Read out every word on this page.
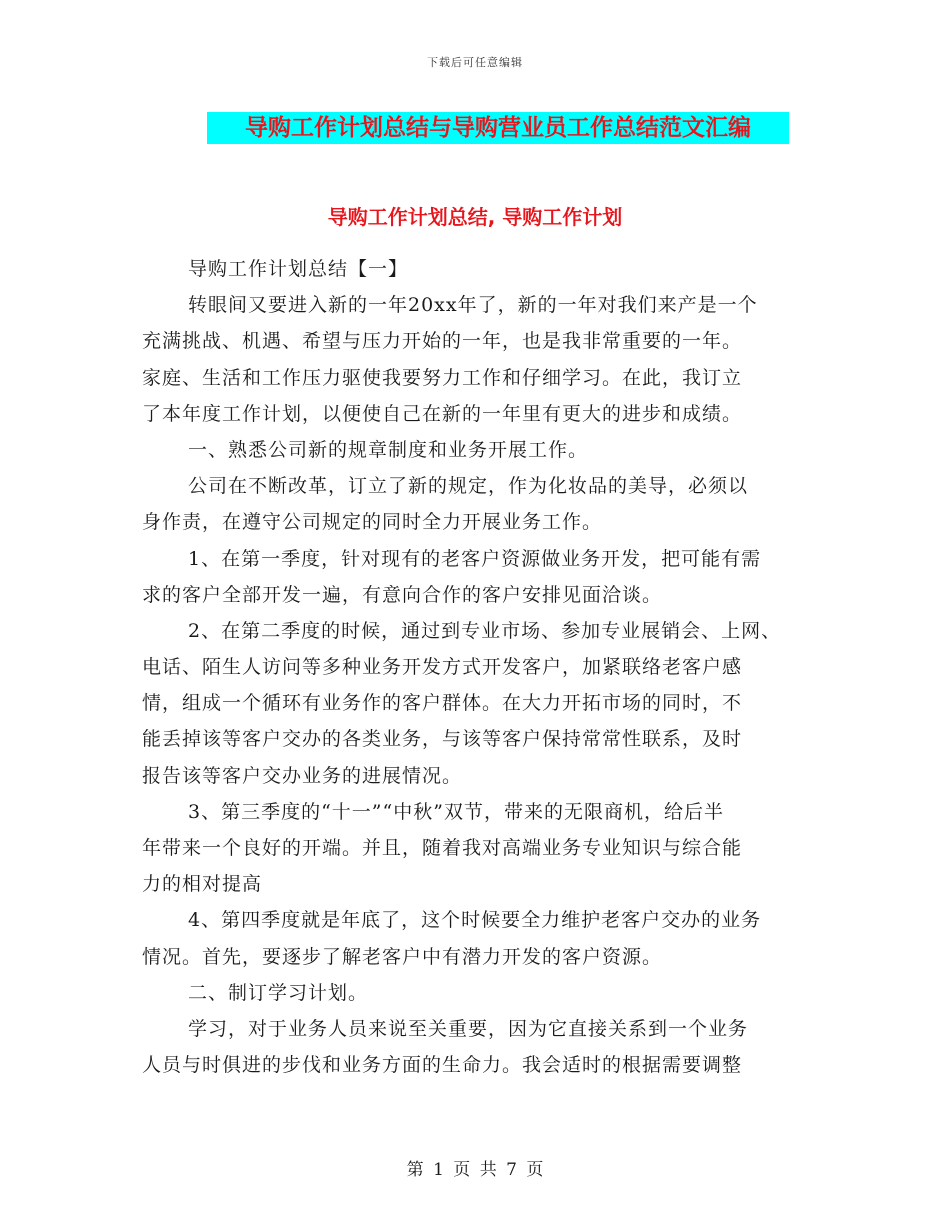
下载后可任意编辑
导购工作计划总结与导购营业员工作总结范文汇编
导购工作计划总结, 导购工作计划
导购工作计划总结【一】
转眼间又要进入新的一年20xx年了，新的一年对我们来产是一个
充满挑战、机遇、希望与压力开始的一年，也是我非常重要的一年。
家庭、生活和工作压力驱使我要努力工作和仔细学习。在此，我订立
了本年度工作计划，以便使自己在新的一年里有更大的进步和成绩。
一、熟悉公司新的规章制度和业务开展工作。
公司在不断改革，订立了新的规定，作为化妆品的美导，必须以
身作责，在遵守公司规定的同时全力开展业务工作。
1、在第一季度，针对现有的老客户资源做业务开发，把可能有需
求的客户全部开发一遍，有意向合作的客户安排见面洽谈。
2、在第二季度的时候，通过到专业市场、参加专业展销会、上网、
电话、陌生人访问等多种业务开发方式开发客户，加紧联络老客户感
情，组成一个循环有业务作的客户群体。在大力开拓市场的同时，不
能丢掉该等客户交办的各类业务，与该等客户保持常常性联系，及时
报告该等客户交办业务的进展情况。
3、第三季度的“十一”“中秋”双节，带来的无限商机，给后半
年带来一个良好的开端。并且，随着我对高端业务专业知识与综合能
力的相对提高
4、第四季度就是年底了，这个时候要全力维护老客户交办的业务
情况。首先，要逐步了解老客户中有潜力开发的客户资源。
二、制订学习计划。
学习，对于业务人员来说至关重要，因为它直接关系到一个业务
人员与时俱进的步伐和业务方面的生命力。我会适时的根据需要调整
第 1 页 共 7 页
